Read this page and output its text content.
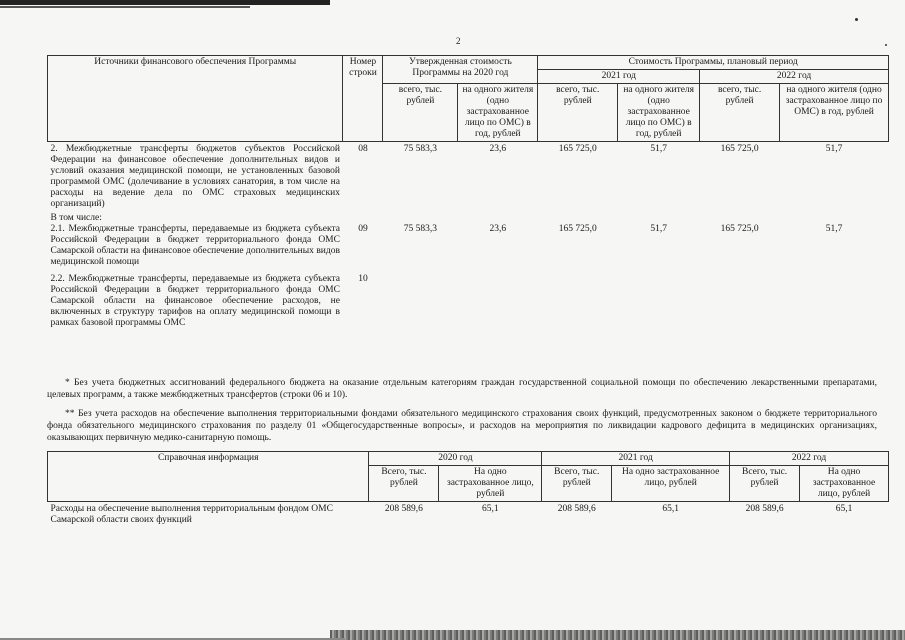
2
Источники финансового обеспечения Программы	Номер строки	Утвержденная стоимость Программы на 2020 год		Стоимость Программы, плановый период			
				2021 год		2022 год	
		всего, тыс. рублей	на одного жителя (одно застрахованное лицо по ОМС) в год, рублей	всего, тыс. рублей	на одного жителя (одно застрахованное лицо по ОМС) в год, рублей	всего, тыс. рублей	на одного жителя (одно застрахованное лицо по ОМС) в год, рублей
2. Межбюджетные трансферты бюджетов субъектов Российской Федерации на финансовое обеспечение дополнительных видов и условий оказания медицинской помощи, не установленных базовой программой ОМС (долечивание в условиях санатория, в том числе на расходы на ведение дела по ОМС страховых медицинских организаций)	08	75 583,3	23,6	165 725,0	51,7	165 725,0	51,7

В том числе:
2.1. Межбюджетные трансферты, передаваемые из бюджета субъекта Российской Федерации в бюджет территориального фонда ОМС Самарской области на финансовое обеспечение дополнительных видов медицинской помощи	09	75 583,3	23,6	165 725,0	51,7	165 725,0	51,7
2.2. Межбюджетные трансферты, передаваемые из бюджета субъекта Российской Федерации в бюджет территориального фонда ОМС Самарской области на финансовое обеспечение расходов, не включенных в структуру тарифов на оплату медицинской помощи в рамках базовой программы ОМС	10						
* Без учета бюджетных ассигнований федерального бюджета на оказание отдельным категориям граждан государственной социальной помощи по обеспечению лекарственными препаратами, целевых программ, а также межбюджетных трансфертов (строки 06 и 10).
** Без учета расходов на обеспечение выполнения территориальными фондами обязательного медицинского страхования своих функций, предусмотренных законом о бюджете территориального фонда обязательного медицинского страхования по разделу 01 «Общегосударственные вопросы», и расходов на мероприятия по ликвидации кадрового дефицита в медицинских организациях, оказывающих первичную медико-санитарную помощь.
Справочная информация	2020 год		2021 год		2022 год	
	Всего, тыс. рублей	На одно застрахованное лицо, рублей	Всего, тыс. рублей	На одно застрахованное лицо, рублей	Всего, тыс. рублей	На одно застрахованное лицо, рублей
Расходы на обеспечение выполнения территориальным фондом ОМС Самарской области своих функций	208 589,6	65,1	208 589,6	65,1	208 589,6	65,1
